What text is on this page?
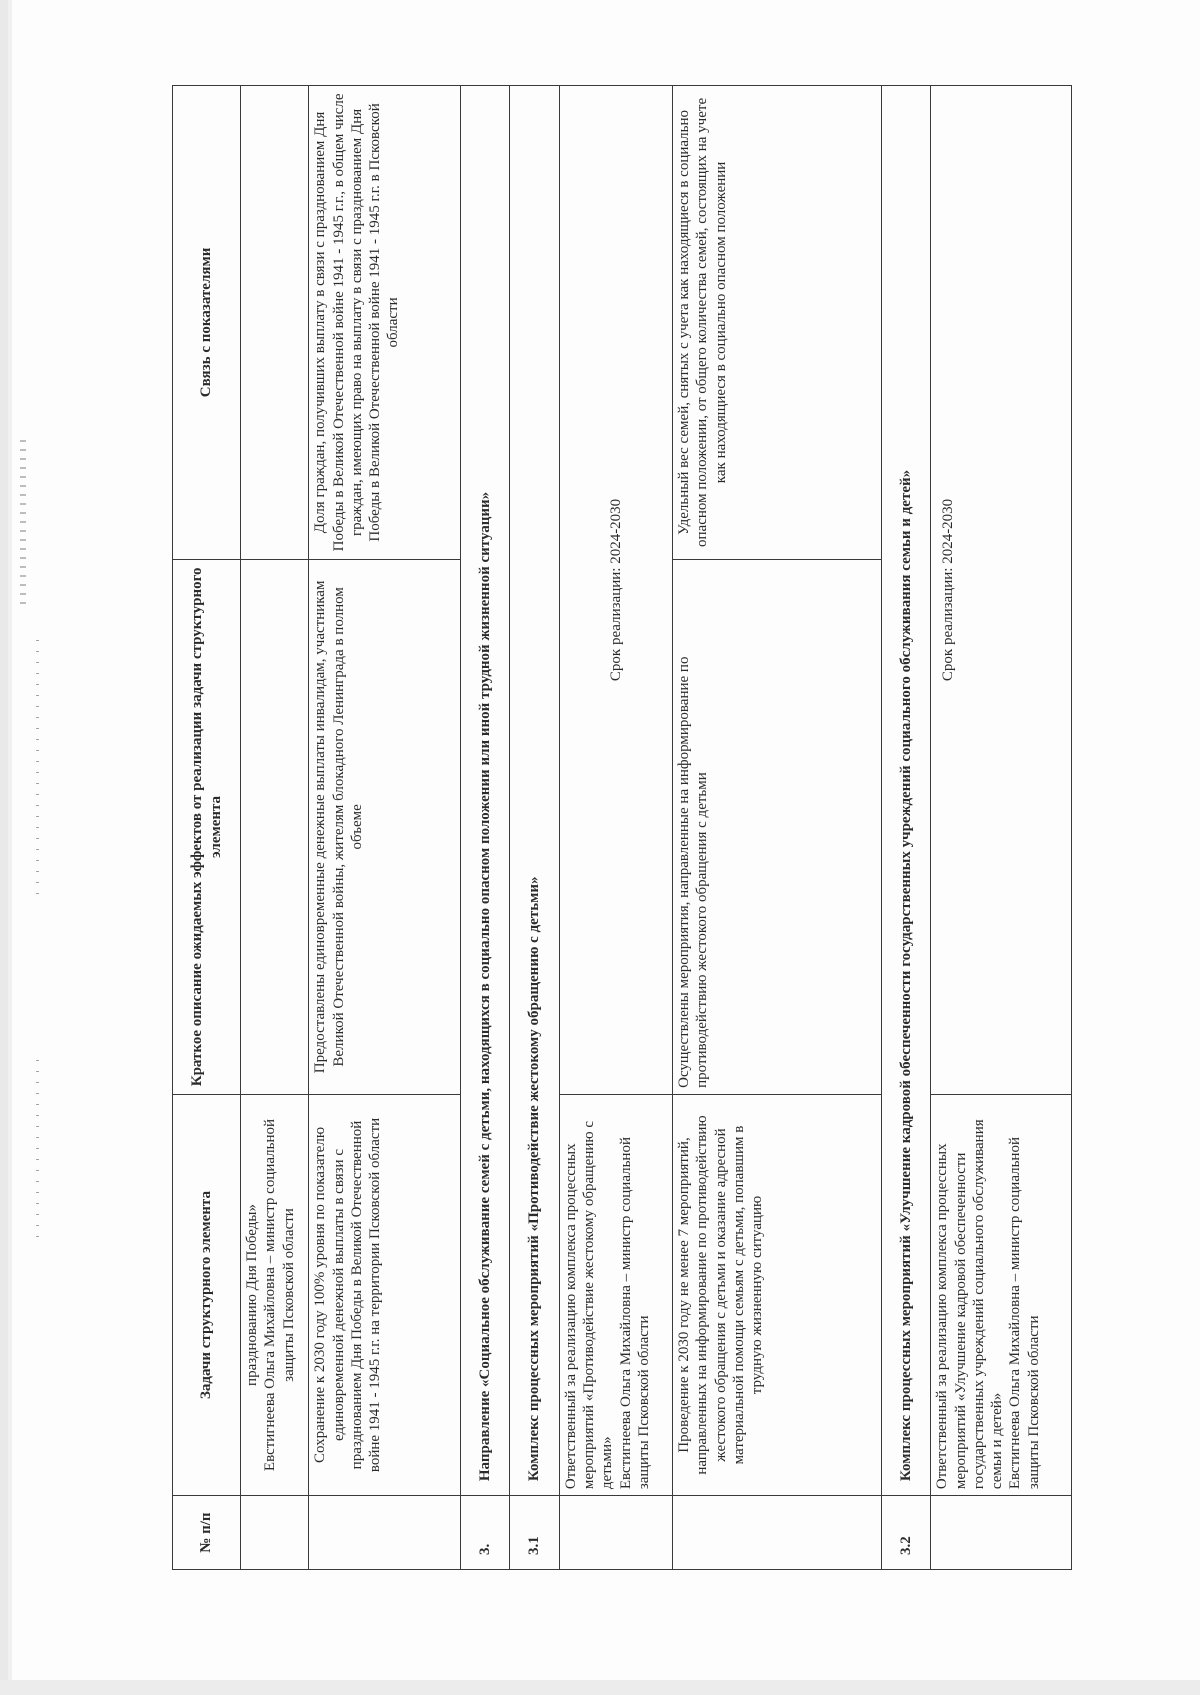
№ п/п	Задачи структурного элемента	Краткое описание ожидаемых эффектов от реализации задачи структурного элемента	Связь с показателями

	празднованию Дня Победы» Евстигнеева Ольга Михайловна – министр социальной защиты Псковской области		

	Сохранение к 2030 году 100% уровня по показателю единовременной денежной выплаты в связи с празднованием Дня Победы в Великой Отечественной войне 1941 - 1945 г.г. на территории Псковской области	Предоставлены единовременные денежные выплаты инвалидам, участникам Великой Отечественной войны, жителям блокадного Ленинграда в полном объеме	Доля граждан, получивших выплату в связи с празднованием Дня Победы в Великой Отечественной войне 1941 - 1945 г.г., в общем числе граждан, имеющих право на выплату в связи с празднованием Дня Победы в Великой Отечественной войне 1941 - 1945 г.г. в Псковской области
3.	Направление «Социальное обслуживание семей с детьми, находящихся в социально опасном положении или иной трудной жизненной ситуации»		
3.1	Комплекс процессных мероприятий «Противодействие жестокому обращению с детьми»		

	Ответственный за реализацию комплекса процессных мероприятий «Противодействие жестокому обращению с детьми» Евстигнеева Ольга Михайловна – министр социальной защиты Псковской области	Срок реализации: 2024-2030	
	Проведение к 2030 году не менее 7 мероприятий, направленных на информирование по противодействию жестокого обращения с детьми и оказание адресной материальной помощи семьям с детьми, попавшим в трудную жизненную ситуацию	Осуществлены мероприятия, направленные на информирование по противодействию жестокого обращения с детьми	Удельный вес семей, снятых с учета как находящиеся в социально опасном положении, от общего количества семей, состоящих на учете как находящиеся в социально опасном положении
3.2	Комплекс процессных мероприятий «Улучшение кадровой обеспеченности государственных учреждений социального обслуживания семьи и детей»		

	Ответственный за реализацию комплекса процессных мероприятий «Улучшение кадровой обеспеченности государственных учреждений социального обслуживания семьи и детей» Евстигнеева Ольга Михайловна – министр социальной защиты Псковской области	Срок реализации: 2024-2030	
